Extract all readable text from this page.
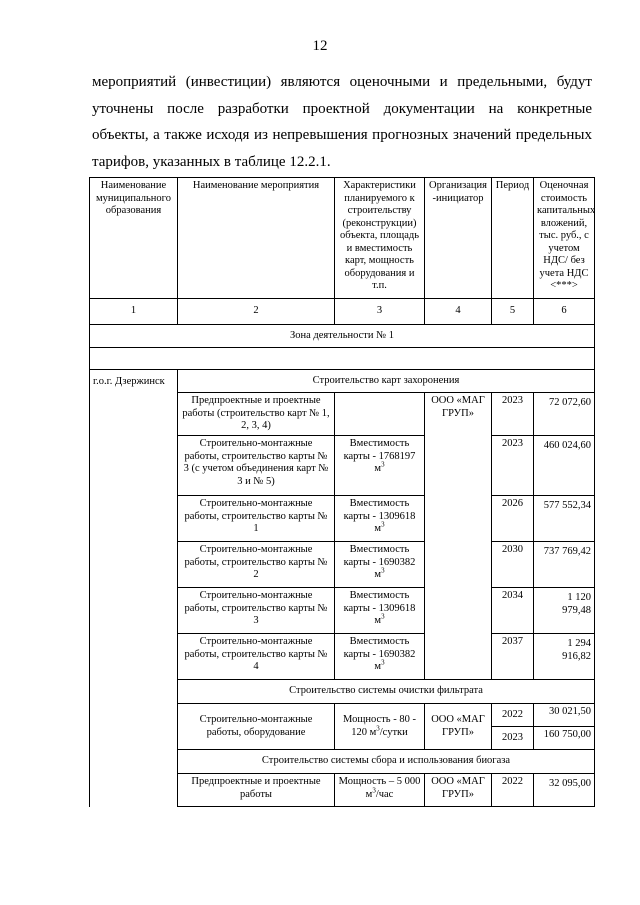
12
мероприятий (инвестиции) являются оценочными и предельными, будут
уточнены после разработки проектной документации на конкретные
объекты, а также исходя из непревышения прогнозных значений предельных
тарифов, указанных в таблице 12.2.1.
Наименование муниципального образования	Наименование мероприятия	Характеристики планируемого к строительству (реконструкции) объекта, площадь и вместимость карт, мощность оборудования и т.п.	Организация -инициатор	Период	Оценочная стоимость капитальных вложений, тыс. руб., с учетом НДС/ без учета НДС <***>
1	2	3	4	5	6
Зона деятельности № 1					

г.о.г. Дзержинск	Строительство карт захоронения				
	Предпроектные и проектные работы (строительство карт № 1, 2, 3, 4)		ООО «МАГ ГРУП»	2023	72 072,60
	Строительно-монтажные работы, строительство карты № 3 (с учетом объединения карт № 3 и № 5)	Вместимость карты - 1768197 $м^3$		2023	460 024,60
	Строительно-монтажные работы, строительство карты № 1	Вместимость карты - 1309618 $м^3$		2026	577 552,34
	Строительно-монтажные работы, строительство карты № 2	Вместимость карты - 1690382 $м^3$		2030	737 769,42
	Строительно-монтажные работы, строительство карты № 3	Вместимость карты - 1309618 $м^3$		2034	1 120 979,48
	Строительно-монтажные работы, строительство карты № 4	Вместимость карты - 1690382 $м^3$		2037	1 294 916,82
	Строительство системы очистки фильтрата				
	Строительно-монтажные работы, оборудование	Мощность - 80 - 120 $м^3$/сутки	ООО «МАГ ГРУП»	2022	30 021,50
				2023	160 750,00
	Строительство системы сбора и использования биогаза				
	Предпроектные и проектные работы	Мощность – 5 000 $м^3$/час	ООО «МАГ ГРУП»	2022	32 095,00
